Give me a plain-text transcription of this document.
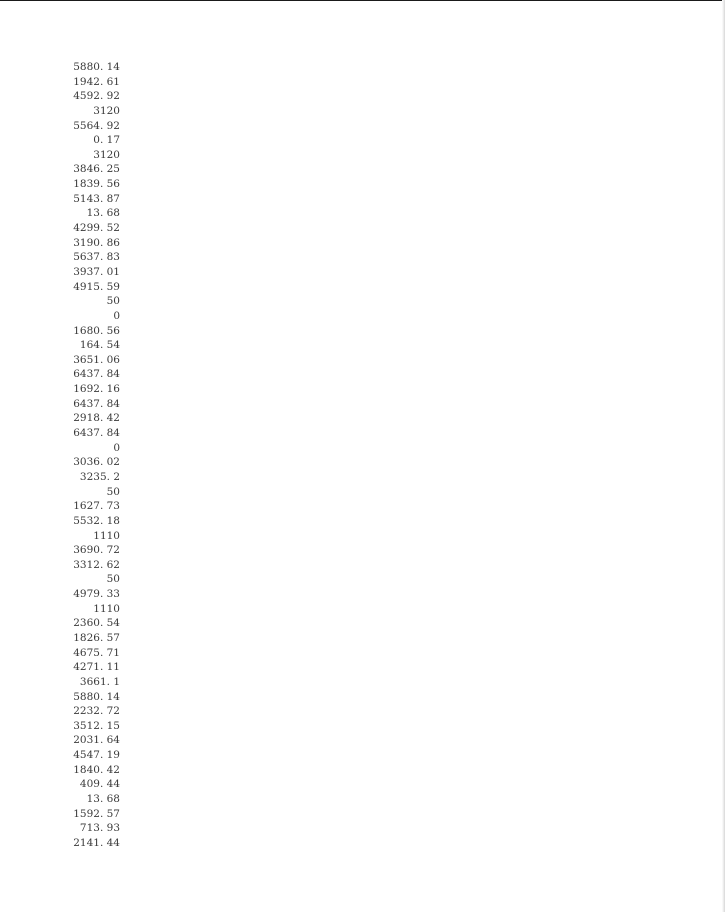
5880. 14
1942. 61
4592. 92
3120
5564. 92
0. 17
3120
3846. 25
1839. 56
5143. 87
13. 68
4299. 52
3190. 86
5637. 83
3937. 01
4915. 59
50
0
1680. 56
164. 54
3651. 06
6437. 84
1692. 16
6437. 84
2918. 42
6437. 84
0
3036. 02
3235. 2
50
1627. 73
5532. 18
1110
3690. 72
3312. 62
50
4979. 33
1110
2360. 54
1826. 57
4675. 71
4271. 11
3661. 1
5880. 14
2232. 72
3512. 15
2031. 64
4547. 19
1840. 42
409. 44
13. 68
1592. 57
713. 93
2141. 44
